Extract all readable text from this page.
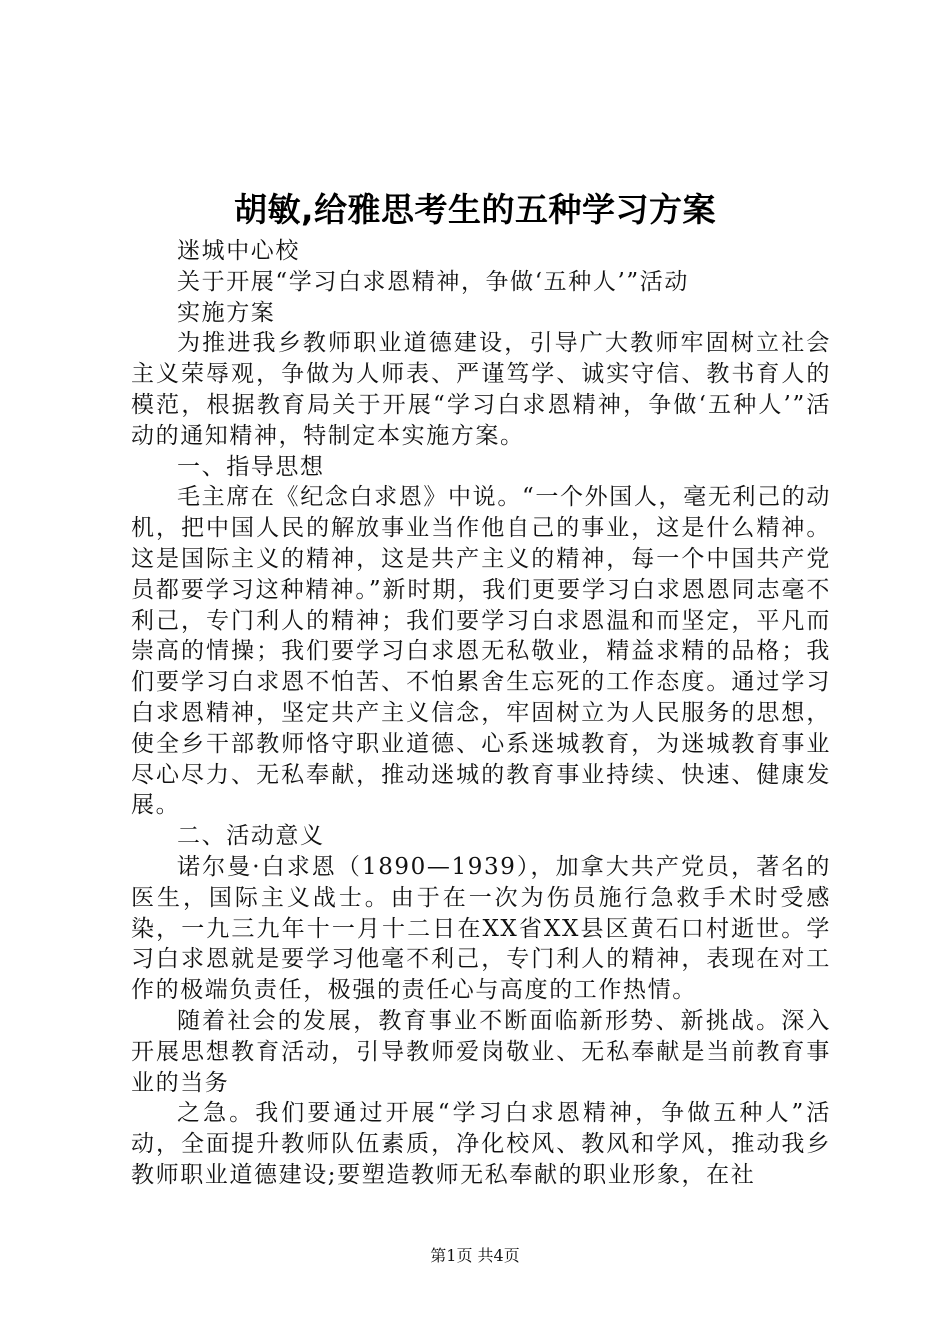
胡敏,给雅思考生的五种学习方案

迷城中心校

关于开展“学习白求恩精神，争做‘五种人’”活动

实施方案

为推进我乡教师职业道德建设，引导广大教师牢固树立社会主义荣辱观，争做为人师表、严谨笃学、诚实守信、教书育人的模范，根据教育局关于开展“学习白求恩精神，争做‘五种人’”活动的通知精神，特制定本实施方案。

一、指导思想

毛主席在《纪念白求恩》中说。“一个外国人，毫无利己的动机，把中国人民的解放事业当作他自己的事业，这是什么精神。这是国际主义的精神，这是共产主义的精神，每一个中国共产党员都要学习这种精神。”新时期，我们更要学习白求恩恩同志毫不利己，专门利人的精神；我们要学习白求恩温和而坚定，平凡而崇高的情操；我们要学习白求恩无私敬业，精益求精的品格；我们要学习白求恩不怕苦、不怕累舍生忘死的工作态度。通过学习白求恩精神，坚定共产主义信念，牢固树立为人民服务的思想，使全乡干部教师恪守职业道德、心系迷城教育，为迷城教育事业尽心尽力、无私奉献，推动迷城的教育事业持续、快速、健康发展。

二、活动意义

诺尔曼·白求恩（1890—1939），加拿大共产党员，著名的医生，国际主义战士。由于在一次为伤员施行急救手术时受感染，一九三九年十一月十二日在XX省XX县区黄石口村逝世。学习白求恩就是要学习他毫不利己，专门利人的精神，表现在对工作的极端负责任，极强的责任心与高度的工作热情。

随着社会的发展，教育事业不断面临新形势、新挑战。深入开展思想教育活动，引导教师爱岗敬业、无私奉献是当前教育事业的当务

之急。我们要通过开展“学习白求恩精神，争做五种人”活动，全面提升教师队伍素质，净化校风、教风和学风，推动我乡教师职业道德建设;要塑造教师无私奉献的职业形象，在社

第1页 共4页
